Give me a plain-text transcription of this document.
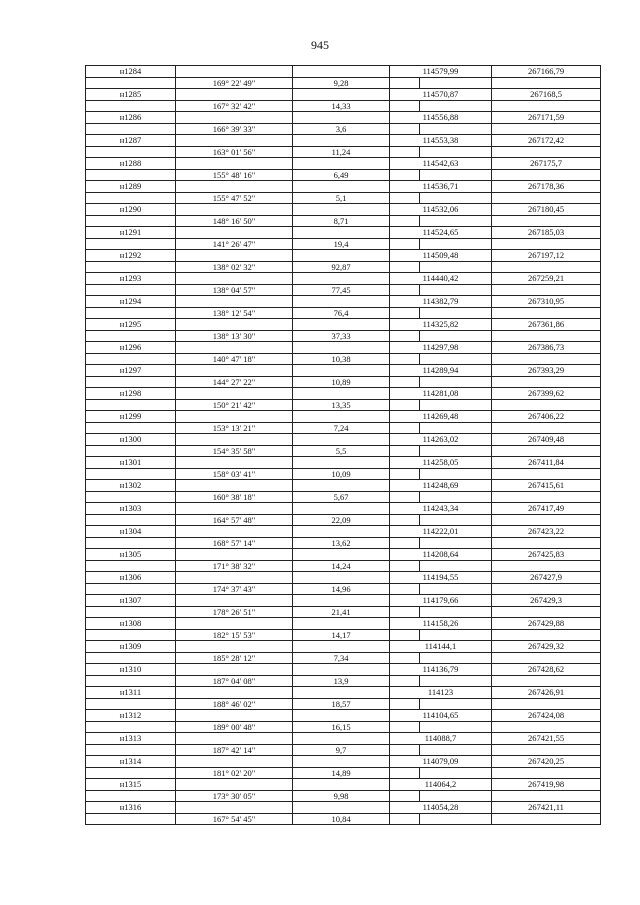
945
н1284			114579,99		267166,79
	169° 22' 49"	9,28			
н1285			114570,87		267168,5
	167° 32' 42"	14,33			
н1286			114556,88		267171,59
	166° 39' 33"	3,6			
н1287			114553,38		267172,42
	163° 01' 56"	11,24			
н1288			114542,63		267175,7
	155° 48' 16"	6,49			
н1289			114536,71		267178,36
	155° 47' 52"	5,1			
н1290			114532,06		267180,45
	148° 16' 50"	8,71			
н1291			114524,65		267185,03
	141° 26' 47"	19,4			
н1292			114509,48		267197,12
	138° 02' 32"	92,87			
н1293			114440,42		267259,21
	138° 04' 57"	77,45			
н1294			114382,79		267310,95
	138° 12' 54"	76,4			
н1295			114325,82		267361,86
	138° 13' 30"	37,33			
н1296			114297,98		267386,73
	140° 47' 18"	10,38			
н1297			114289,94		267393,29
	144° 27' 22"	10,89			
н1298			114281,08		267399,62
	150° 21' 42"	13,35			
н1299			114269,48		267406,22
	153° 13' 21"	7,24			
н1300			114263,02		267409,48
	154° 35' 58"	5,5			
н1301			114258,05		267411,84
	158° 03' 41"	10,09			
н1302			114248,69		267415,61
	160° 38' 18"	5,67			
н1303			114243,34		267417,49
	164° 57' 48"	22,09			
н1304			114222,01		267423,22
	168° 57' 14"	13,62			
н1305			114208,64		267425,83
	171° 38' 32"	14,24			
н1306			114194,55		267427,9
	174° 37' 43"	14,96			
н1307			114179,66		267429,3
	178° 26' 51"	21,41			
н1308			114158,26		267429,88
	182° 15' 53"	14,17			
н1309			114144,1		267429,32
	185° 28' 12"	7,34			
н1310			114136,79		267428,62
	187° 04' 08"	13,9			
н1311			114123		267426,91
	188° 46' 02"	18,57			
н1312			114104,65		267424,08
	189° 00' 48"	16,15			
н1313			114088,7		267421,55
	187° 42' 14"	9,7			
н1314			114079,09		267420,25
	181° 02' 20"	14,89			
н1315			114064,2		267419,98
	173° 30' 05"	9,98			
н1316			114054,28		267421,11
	167° 54' 45"	10,84			
